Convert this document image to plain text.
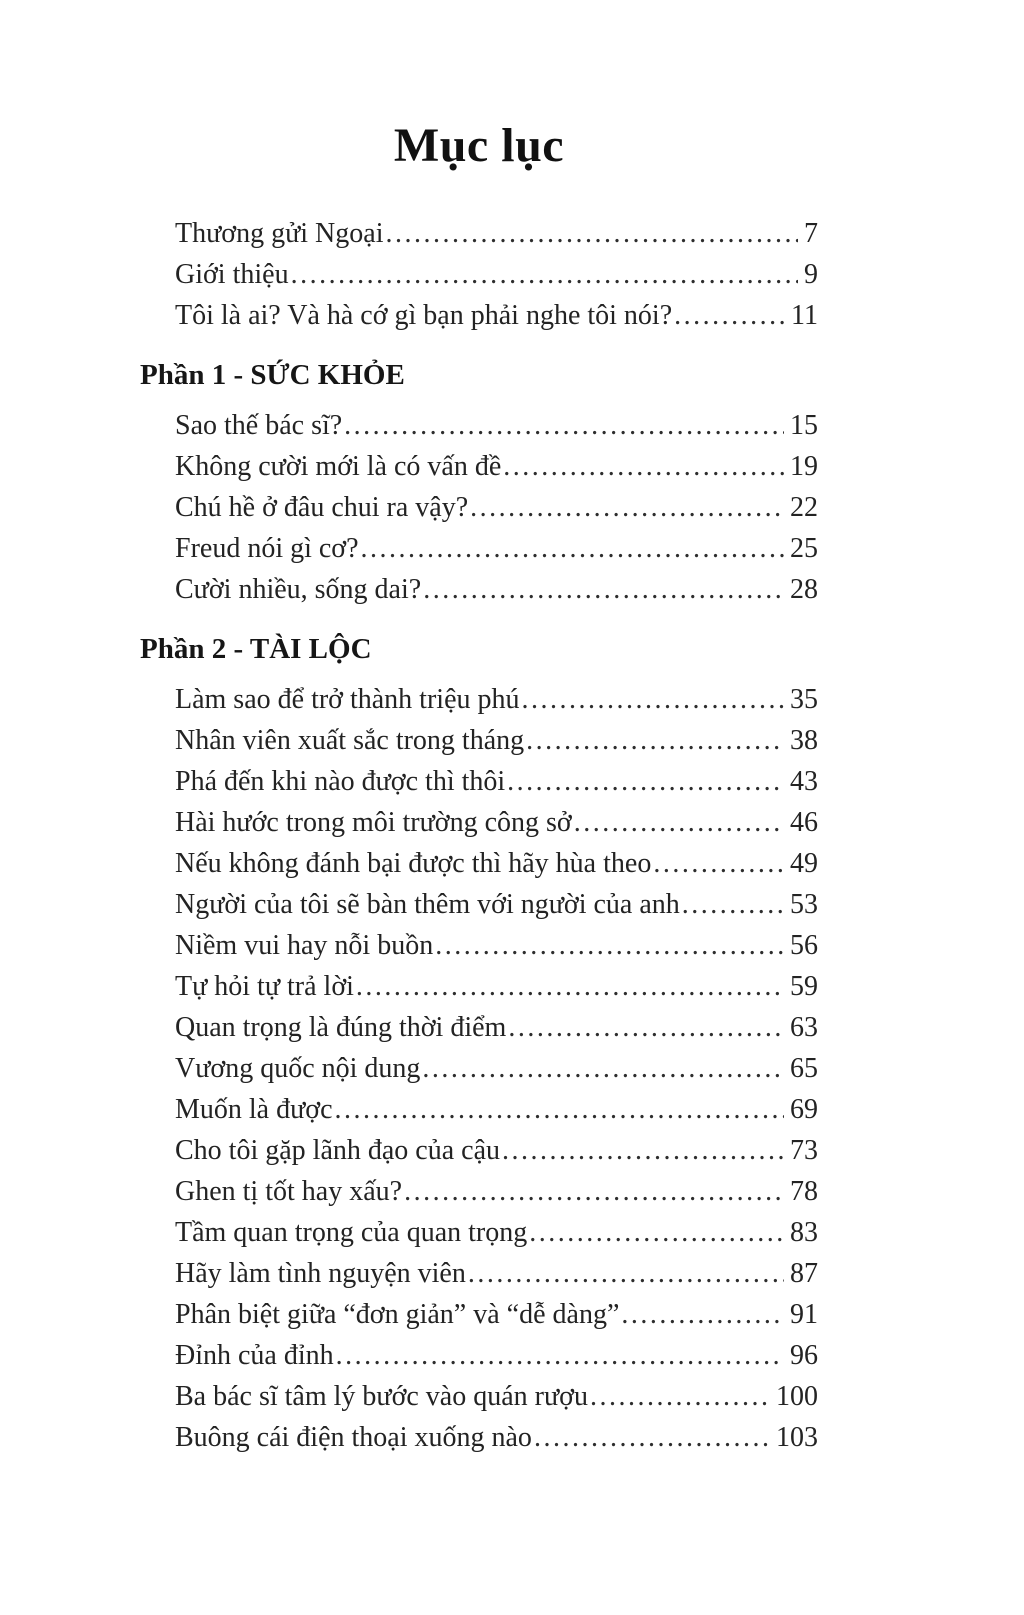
Mục lục
Thương gửi Ngoại .....	7
Giới thiệu .....	9
Tôi là ai? Và hà cớ gì bạn phải nghe tôi nói? .....	11
Phần 1 - SỨC KHỎE
Sao thế bác sĩ? .....	15
Không cười mới là có vấn đề .....	19
Chú hề ở đâu chui ra vậy? .....	22
Freud nói gì cơ? .....	25
Cười nhiều, sống dai? .....	28
Phần 2 - TÀI LỘC
Làm sao để trở thành triệu phú .....	35
Nhân viên xuất sắc trong tháng .....	38
Phá đến khi nào được thì thôi .....	43
Hài hước trong môi trường công sở .....	46
Nếu không đánh bại được thì hãy hùa theo .....	49
Người của tôi sẽ bàn thêm với người của anh .....	53
Niềm vui hay nỗi buồn .....	56
Tự hỏi tự trả lời .....	59
Quan trọng là đúng thời điểm .....	63
Vương quốc nội dung .....	65
Muốn là được .....	69
Cho tôi gặp lãnh đạo của cậu .....	73
Ghen tị tốt hay xấu? .....	78
Tầm quan trọng của quan trọng .....	83
Hãy làm tình nguyện viên .....	87
Phân biệt giữa “đơn giản” và “dễ dàng” .....	91
Đỉnh của đỉnh .....	96
Ba bác sĩ tâm lý bước vào quán rượu .....	100
Buông cái điện thoại xuống nào .....	103
